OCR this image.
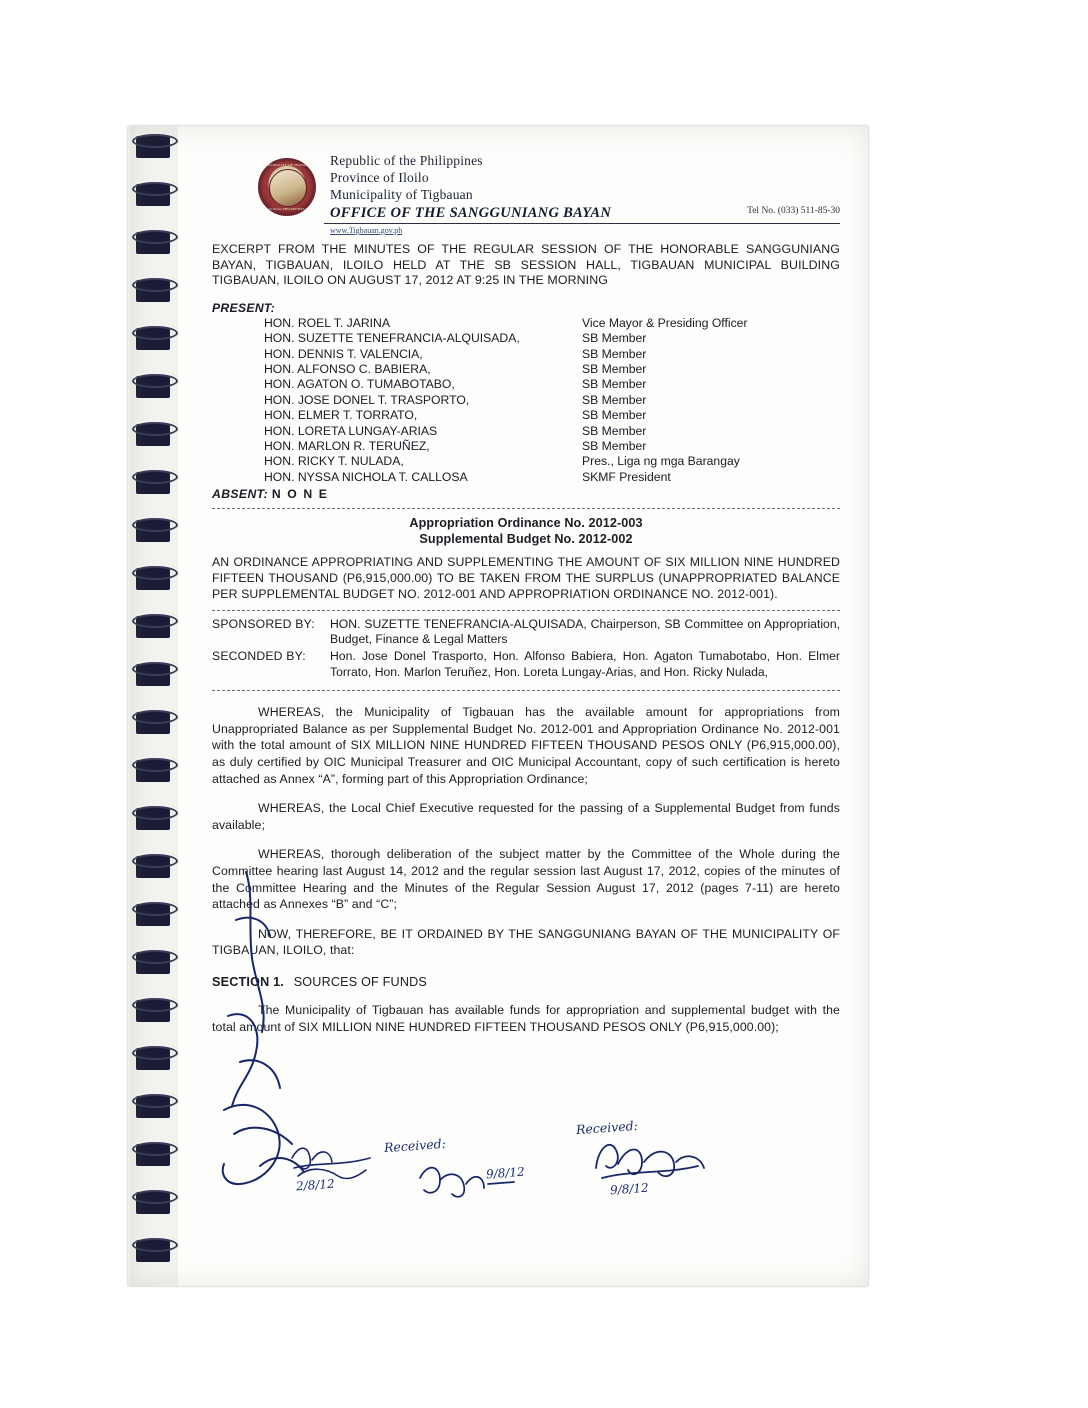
MUNICIPALITY OF TIGBAUAN
ILOILO PHILIPPINES
Republic of the Philippines
Province of Iloilo
Municipality of Tigbauan
OFFICE OF THE SANGGUNIANG BAYAN	Tel No. (033) 511-85-30
www.Tigbauan.gov.ph
EXCERPT FROM THE MINUTES OF THE REGULAR SESSION OF THE HONORABLE SANGGUNIANG BAYAN, TIGBAUAN, ILOILO HELD AT THE SB SESSION HALL, TIGBAUAN MUNICIPAL BUILDING TIGBAUAN, ILOILO ON AUGUST 17, 2012 AT 9:25 IN THE MORNING
PRESENT:
HON. ROEL T. JARINA	Vice Mayor & Presiding Officer
HON. SUZETTE TENEFRANCIA-ALQUISADA,	SB Member
HON. DENNIS T. VALENCIA,	SB Member
HON. ALFONSO C. BABIERA,	SB Member
HON. AGATON O. TUMABOTABO,	SB Member
HON. JOSE DONEL T. TRASPORTO,	SB Member
HON. ELMER T. TORRATO,	SB Member
HON. LORETA LUNGAY-ARIAS	SB Member
HON. MARLON R. TERUÑEZ,	SB Member
HON. RICKY T. NULADA,	Pres., Liga ng mga Barangay
HON. NYSSA NICHOLA T. CALLOSA	SKMF President
ABSENT: N O N E
Appropriation Ordinance No. 2012-003
Supplemental Budget No. 2012-002
AN ORDINANCE APPROPRIATING AND SUPPLEMENTING THE AMOUNT OF SIX MILLION NINE HUNDRED FIFTEEN THOUSAND (P6,915,000.00) TO BE TAKEN FROM THE SURPLUS (UNAPPROPRIATED BALANCE PER SUPPLEMENTAL BUDGET NO. 2012-001 AND APPROPRIATION ORDINANCE NO. 2012-001).
SPONSORED BY:	HON. SUZETTE TENEFRANCIA-ALQUISADA, Chairperson, SB Committee on Appropriation, Budget, Finance & Legal Matters
SECONDED BY:	Hon. Jose Donel Trasporto, Hon. Alfonso Babiera, Hon. Agaton Tumabotabo, Hon. Elmer Torrato, Hon. Marlon Teruñez, Hon. Loreta Lungay-Arias, and Hon. Ricky Nulada,
WHEREAS, the Municipality of Tigbauan has the available amount for appropriations from Unappropriated Balance as per Supplemental Budget No. 2012-001 and Appropriation Ordinance No. 2012-001 with the total amount of SIX MILLION NINE HUNDRED FIFTEEN THOUSAND PESOS ONLY (P6,915,000.00), as duly certified by OIC Municipal Treasurer and OIC Municipal Accountant, copy of such certification is hereto attached as Annex “A”, forming part of this Appropriation Ordinance;
WHEREAS, the Local Chief Executive requested for the passing of a Supplemental Budget from funds available;
WHEREAS, thorough deliberation of the subject matter by the Committee of the Whole during the Committee hearing last August 14, 2012 and the regular session last August 17, 2012, copies of the minutes of the Committee Hearing and the Minutes of the Regular Session August 17, 2012 (pages 7-11) are hereto attached as Annexes “B” and “C”;
NOW, THEREFORE, BE IT ORDAINED BY THE SANGGUNIANG BAYAN OF THE MUNICIPALITY OF TIGBAUAN, ILOILO, that:
SECTION 1. SOURCES OF FUNDS
The Municipality of Tigbauan has available funds for appropriation and supplemental budget with the total amount of SIX MILLION NINE HUNDRED FIFTEEN THOUSAND PESOS ONLY (P6,915,000.00);
2/8/12
Received:
9/8/12
Received:
9/8/12
